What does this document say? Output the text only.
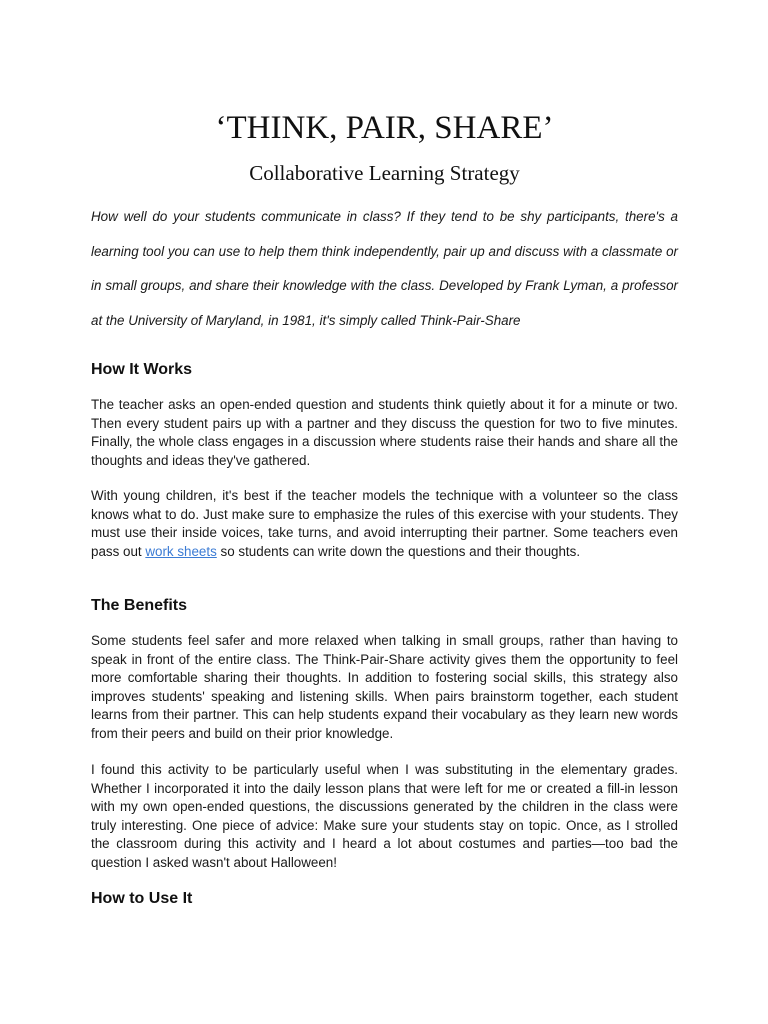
‘THINK, PAIR, SHARE’
Collaborative Learning Strategy

How well do your students communicate in class? If they tend to be shy participants, there's a learning tool you can use to help them think independently, pair up and discuss with a classmate or in small groups, and share their knowledge with the class. Developed by Frank Lyman, a professor at the University of Maryland, in 1981, it's simply called Think-Pair-Share

How It Works

The teacher asks an open-ended question and students think quietly about it for a minute or two. Then every student pairs up with a partner and they discuss the question for two to five minutes. Finally, the whole class engages in a discussion where students raise their hands and share all the thoughts and ideas they've gathered.

With young children, it's best if the teacher models the technique with a volunteer so the class knows what to do. Just make sure to emphasize the rules of this exercise with your students. They must use their inside voices, take turns, and avoid interrupting their partner. Some teachers even pass out work sheets so students can write down the questions and their thoughts.

The Benefits

Some students feel safer and more relaxed when talking in small groups, rather than having to speak in front of the entire class. The Think-Pair-Share activity gives them the opportunity to feel more comfortable sharing their thoughts. In addition to fostering social skills, this strategy also improves students' speaking and listening skills. When pairs brainstorm together, each student learns from their partner. This can help students expand their vocabulary as they learn new words from their peers and build on their prior knowledge.

I found this activity to be particularly useful when I was substituting in the elementary grades. Whether I incorporated it into the daily lesson plans that were left for me or created a fill-in lesson with my own open-ended questions, the discussions generated by the children in the class were truly interesting. One piece of advice: Make sure your students stay on topic. Once, as I strolled the classroom during this activity and I heard a lot about costumes and parties—too bad the question I asked wasn't about Halloween!

How to Use It
